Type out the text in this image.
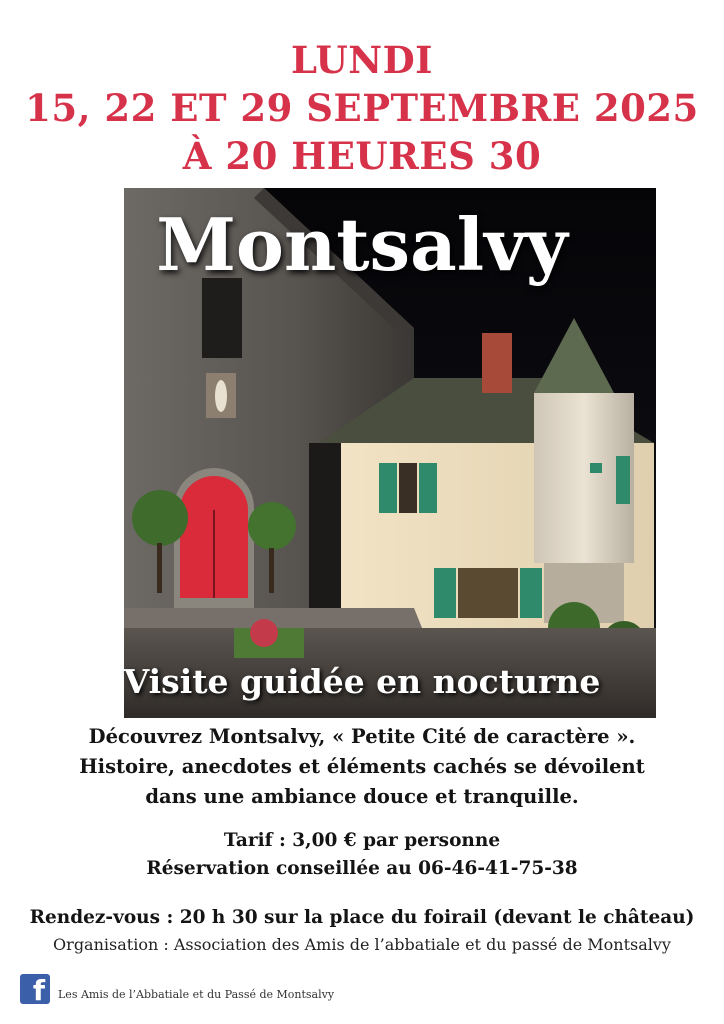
LUNDI
15, 22 ET 29 SEPTEMBRE 2025
À 20 HEURES 30
Montsalvy
Visite guidée en nocturne
Découvrez Montsalvy, « Petite Cité de caractère ».
Histoire, anecdotes et éléments cachés se dévoilent
dans une ambiance douce et tranquille.
Tarif : 3,00 € par personne
Réservation conseillée au 06-46-41-75-38
Rendez-vous : 20 h 30 sur la place du foirail (devant le château)
Organisation : Association des Amis de l’abbatiale et du passé de Montsalvy
f Les Amis de l’Abbatiale et du Passé de Montsalvy
